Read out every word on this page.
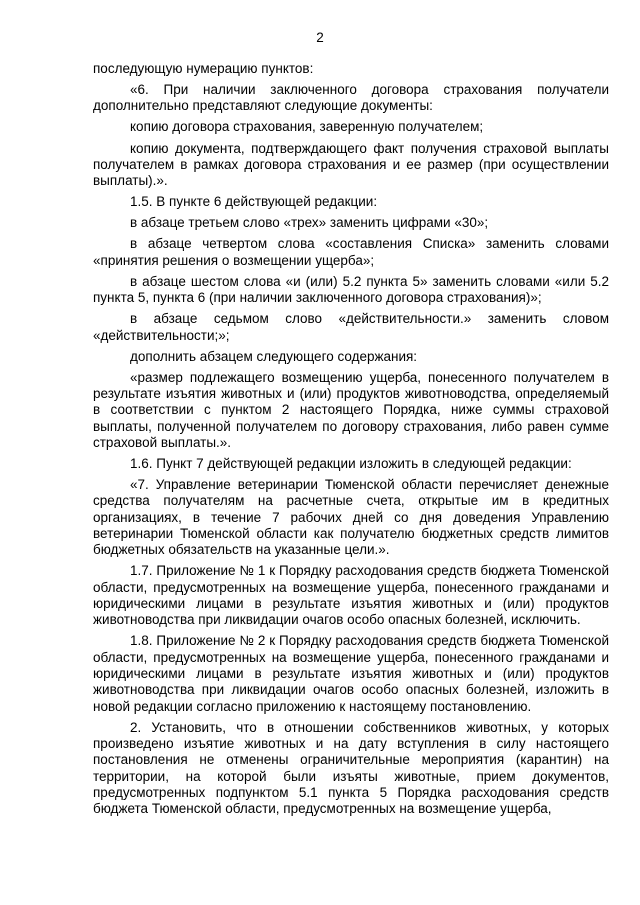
2

последующую нумерацию пунктов:

«6. При наличии заключенного договора страхования получатели дополнительно представляют следующие документы:

копию договора страхования, заверенную получателем;

копию документа, подтверждающего факт получения страховой выплаты получателем в рамках договора страхования и ее размер (при осуществлении выплаты).».

1.5. В пункте 6 действующей редакции:

в абзаце третьем слово «трех» заменить цифрами «30»;

в абзаце четвертом слова «составления Списка» заменить словами «принятия решения о возмещении ущерба»;

в абзаце шестом слова «и (или) 5.2 пункта 5» заменить словами «или 5.2 пункта 5, пункта 6 (при наличии заключенного договора страхования)»;

в абзаце седьмом слово «действительности.» заменить словом «действительности;»;

дополнить абзацем следующего содержания:

«размер подлежащего возмещению ущерба, понесенного получателем в результате изъятия животных и (или) продуктов животноводства, определяемый в соответствии с пунктом 2 настоящего Порядка, ниже суммы страховой выплаты, полученной получателем по договору страхования, либо равен сумме страховой выплаты.».

1.6. Пункт 7 действующей редакции изложить в следующей редакции:

«7. Управление ветеринарии Тюменской области перечисляет денежные средства получателям на расчетные счета, открытые им в кредитных организациях, в течение 7 рабочих дней со дня доведения Управлению ветеринарии Тюменской области как получателю бюджетных средств лимитов бюджетных обязательств на указанные цели.».

1.7. Приложение № 1 к Порядку расходования средств бюджета Тюменской области, предусмотренных на возмещение ущерба, понесенного гражданами и юридическими лицами в результате изъятия животных и (или) продуктов животноводства при ликвидации очагов особо опасных болезней, исключить.

1.8. Приложение № 2 к Порядку расходования средств бюджета Тюменской области, предусмотренных на возмещение ущерба, понесенного гражданами и юридическими лицами в результате изъятия животных и (или) продуктов животноводства при ликвидации очагов особо опасных болезней, изложить в новой редакции согласно приложению к настоящему постановлению.

2. Установить, что в отношении собственников животных, у которых произведено изъятие животных и на дату вступления в силу настоящего постановления не отменены ограничительные мероприятия (карантин) на территории, на которой были изъяты животные, прием документов, предусмотренных подпунктом 5.1 пункта 5 Порядка расходования средств бюджета Тюменской области, предусмотренных на возмещение ущерба,
